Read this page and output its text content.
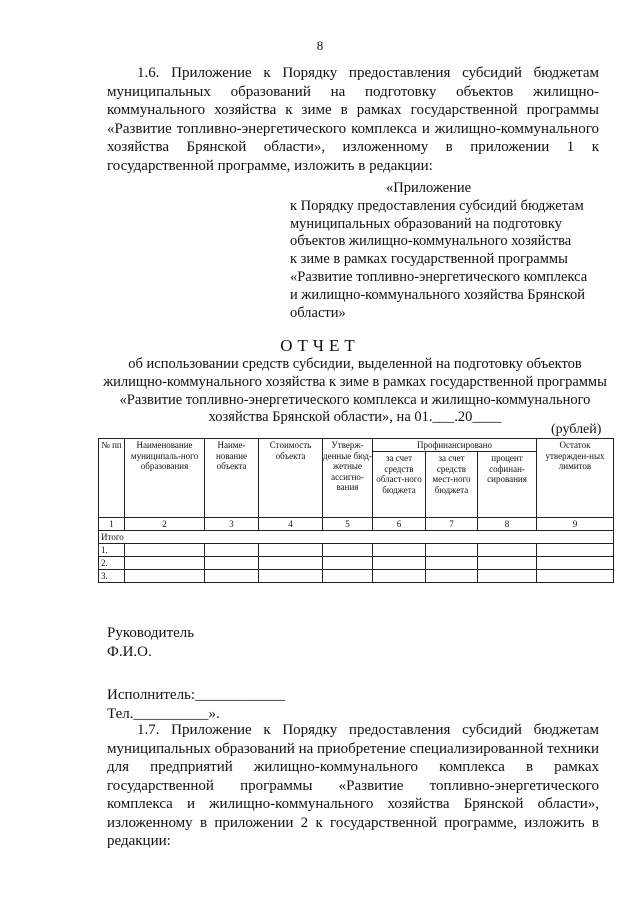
8

1.6. Приложение к Порядку предоставления субсидий бюджетам муниципальных образований на подготовку объектов жилищно-коммунального хозяйства к зиме в рамках государственной программы «Развитие топливно-энергетического комплекса и жилищно-коммунального хозяйства Брянской области», изложенному в приложении 1 к государственной программе, изложить в редакции:

«Приложение
к Порядку предоставления субсидий бюджетам
муниципальных образований на подготовку
объектов жилищно-коммунального хозяйства
к зиме в рамках государственной программы
«Развитие топливно-энергетического комплекса
и жилищно-коммунального хозяйства Брянской
области»
ОТЧЕТ
об использовании средств субсидии, выделенной на подготовку объектов жилищно-коммунального хозяйства к зиме в рамках государственной программы «Развитие топливно-энергетического комплекса и жилищно-коммунального хозяйства Брянской области», на 01.___.20____
(рублей)
№ пп	Наименование муниципаль-ного образования	Наиме-нование объекта	Стоимость объекта	Утверж-денные бюд-жетные ассигно-вания	Профинансировано			Остаток утвержден-ных лимитов
					за счет средств област-ного бюджета	за счет средств мест-ного бюджета	процент софинан-сирования	
1	2	3	4	5	6	7	8	9
Итого								
1.								
2.								
3.								
Руководитель
Ф.И.О.
Исполнитель:____________
Тел.__________».

1.7. Приложение к Порядку предоставления субсидий бюджетам муниципальных образований на приобретение специализированной техники для предприятий жилищно-коммунального комплекса в рамках государственной программы «Развитие топливно-энергетического комплекса и жилищно-коммунального хозяйства Брянской области», изложенному в приложении 2 к государственной программе, изложить в редакции:
